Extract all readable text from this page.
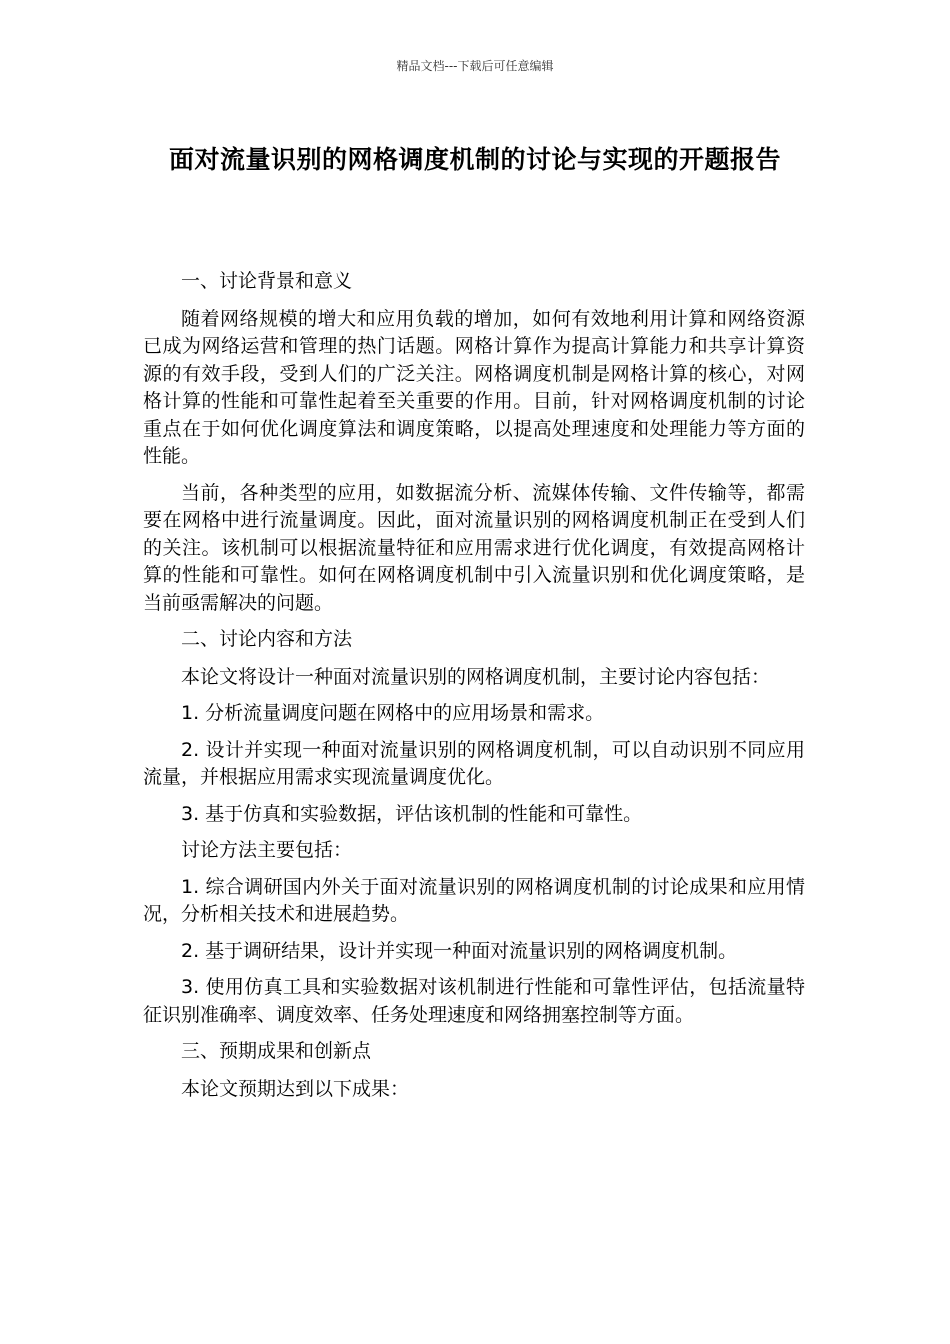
精品文档---下载后可任意编辑
面对流量识别的网格调度机制的讨论与实现的开题报告

一、讨论背景和意义

随着网络规模的增大和应用负载的增加，如何有效地利用计算和网络资源已成为网络运营和管理的热门话题。网格计算作为提高计算能力和共享计算资源的有效手段，受到人们的广泛关注。网格调度机制是网格计算的核心，对网格计算的性能和可靠性起着至关重要的作用。目前，针对网格调度机制的讨论重点在于如何优化调度算法和调度策略，以提高处理速度和处理能力等方面的性能。

当前，各种类型的应用，如数据流分析、流媒体传输、文件传输等，都需要在网格中进行流量调度。因此，面对流量识别的网格调度机制正在受到人们的关注。该机制可以根据流量特征和应用需求进行优化调度，有效提高网格计算的性能和可靠性。如何在网格调度机制中引入流量识别和优化调度策略，是当前亟需解决的问题。

二、讨论内容和方法

本论文将设计一种面对流量识别的网格调度机制，主要讨论内容包括：

1. 分析流量调度问题在网格中的应用场景和需求。

2. 设计并实现一种面对流量识别的网格调度机制，可以自动识别不同应用流量，并根据应用需求实现流量调度优化。

3. 基于仿真和实验数据，评估该机制的性能和可靠性。

讨论方法主要包括：

1. 综合调研国内外关于面对流量识别的网格调度机制的讨论成果和应用情况，分析相关技术和进展趋势。

2. 基于调研结果，设计并实现一种面对流量识别的网格调度机制。

3. 使用仿真工具和实验数据对该机制进行性能和可靠性评估，包括流量特征识别准确率、调度效率、任务处理速度和网络拥塞控制等方面。

三、预期成果和创新点

本论文预期达到以下成果：
